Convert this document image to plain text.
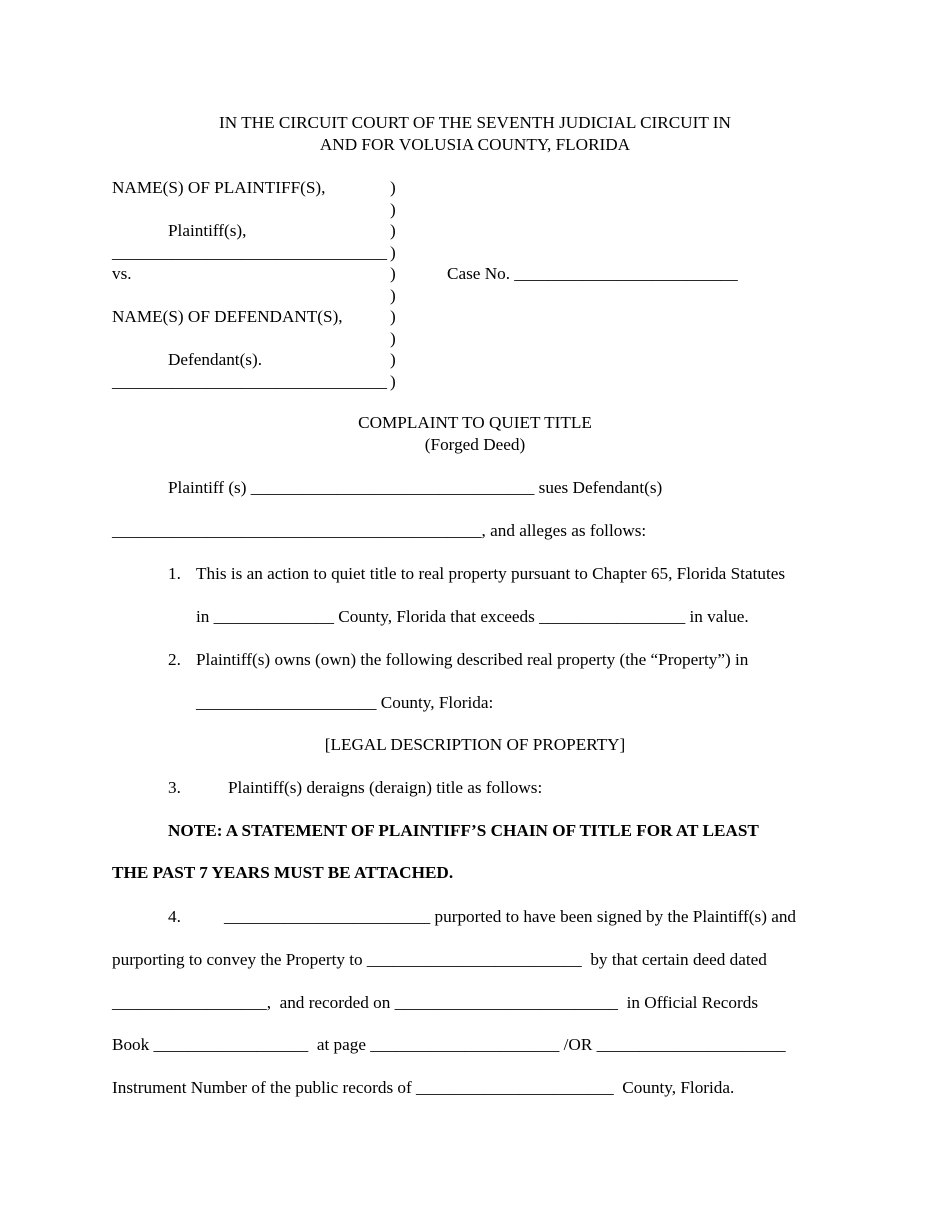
IN THE CIRCUIT COURT OF THE SEVENTH JUDICIAL CIRCUIT IN
AND FOR VOLUSIA COUNTY, FLORIDA
NAME(S) OF PLAINTIFF(S),
Plaintiff(s),
________________________________
vs.
NAME(S) OF DEFENDANT(S),
Defendant(s).
________________________________
)
)
)
)
)
)
)
)
)
)
Case No. __________________________
COMPLAINT TO QUIET TITLE
(Forged Deed)
Plaintiff (s) _________________________________ sues Defendant(s)
___________________________________________, and alleges as follows:
1. This is an action to quiet title to real property pursuant to Chapter 65, Florida Statutes
in ______________ County, Florida that exceeds _________________ in value.
2. Plaintiff(s) owns (own) the following described real property (the “Property”) in
_____________________ County, Florida:
[LEGAL DESCRIPTION OF PROPERTY]
3.	Plaintiff(s) deraigns (deraign) title as follows:
NOTE: A STATEMENT OF PLAINTIFF’S CHAIN OF TITLE FOR AT LEAST
THE PAST 7 YEARS MUST BE ATTACHED.
4.	________________________ purported to have been signed by the Plaintiff(s) and
purporting to convey the Property to _________________________  by that certain deed dated
__________________,  and recorded on __________________________  in Official Records
Book __________________  at page ______________________ /OR ______________________
Instrument Number of the public records of _______________________  County, Florida.
